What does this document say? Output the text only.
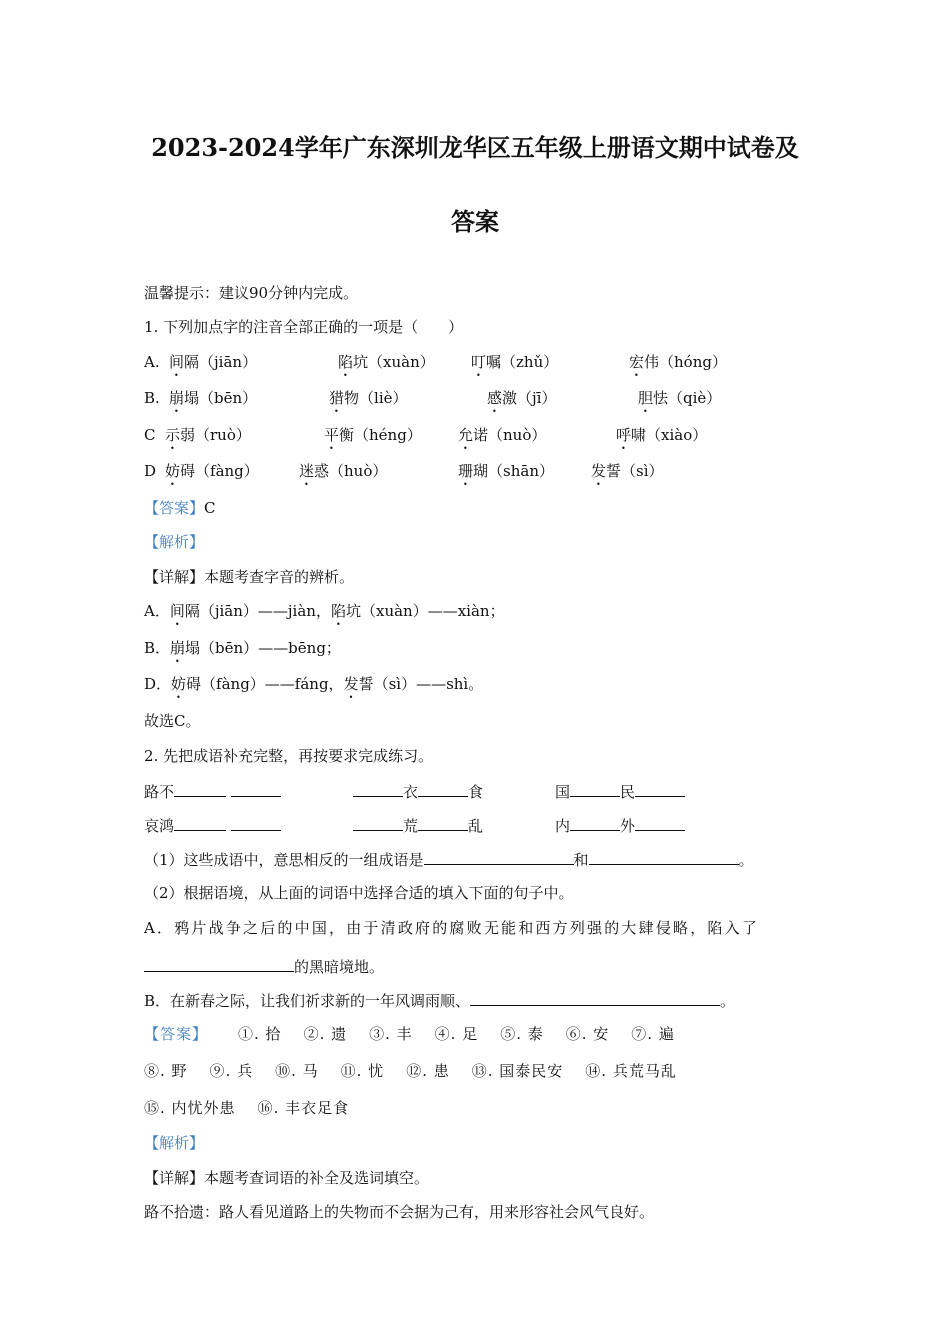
2023-2024学年广东深圳龙华区五年级上册语文期中试卷及
答案
温馨提示：建议90分钟内完成。
1. 下列加点字的注音全部正确的一项是（　　）
A. 间隔（jiān）	陷坑（xuàn） 叮嘱（zhǔ）	宏伟（hóng）
B. 崩塌（bēn）	猎物（liè）	感激（jī）	胆怯（qiè）
C 示弱（ruò）	平衡（héng） 允诺（nuò）	呼啸（xiào）
D 妨碍（fàng）	迷惑（huò）	珊瑚（shān） 发誓（sì）
【答案】C
【解析】
【详解】本题考查字音的辨析。
A．间隔（jiān）——jiàn，陷坑（xuàn）——xiàn；
B．崩塌（bēn）——bēng；
D．妨碍（fàng）——fáng，发誓（sì）——shì。
故选C。
2. 先把成语补充完整，再按要求完成练习。
路不	衣	食	国	民
哀鸿	荒	乱	内	外
（1）这些成语中，意思相反的一组成语是	和	。
（2）根据语境，从上面的词语中选择合适的填入下面的句子中。
A．鸦片战争之后的中国，由于清政府的腐败无能和西方列强的大肆侵略，陷入了
的黑暗境地。
B．在新春之际，让我们祈求新的一年风调雨顺、	。
【答案】 ①. 拾 ②. 遗 ③. 丰 ④. 足 ⑤. 泰 ⑥. 安 ⑦. 遍
⑧. 野 ⑨. 兵 ⑩. 马 ⑪. 忧 ⑫. 患 ⑬. 国泰民安 ⑭. 兵荒马乱
⑮. 内忧外患 ⑯. 丰衣足食
【解析】
【详解】本题考查词语的补全及选词填空。
路不拾遗：路人看见道路上的失物而不会据为己有，用来形容社会风气良好。
